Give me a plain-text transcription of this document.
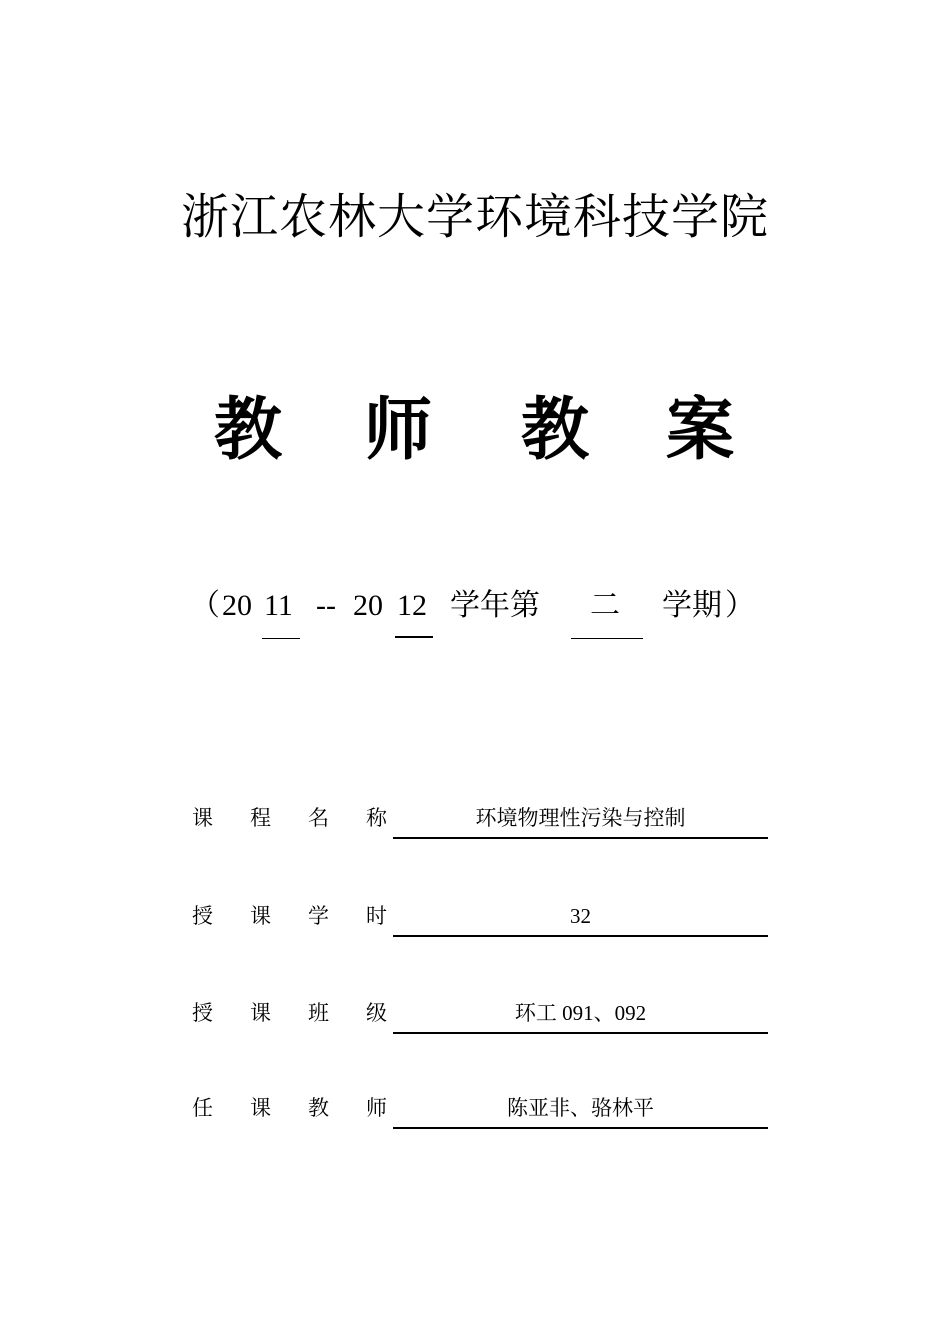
浙江农林大学环境科技学院
教 师 教 案
（ 20 11 -- 20 12 学年第 二 学期 ）
课 程 名 称	环境物理性污染与控制
授 课 学 时	32
授 课 班 级	环工 091、092
任 课 教 师	陈亚非、骆林平
